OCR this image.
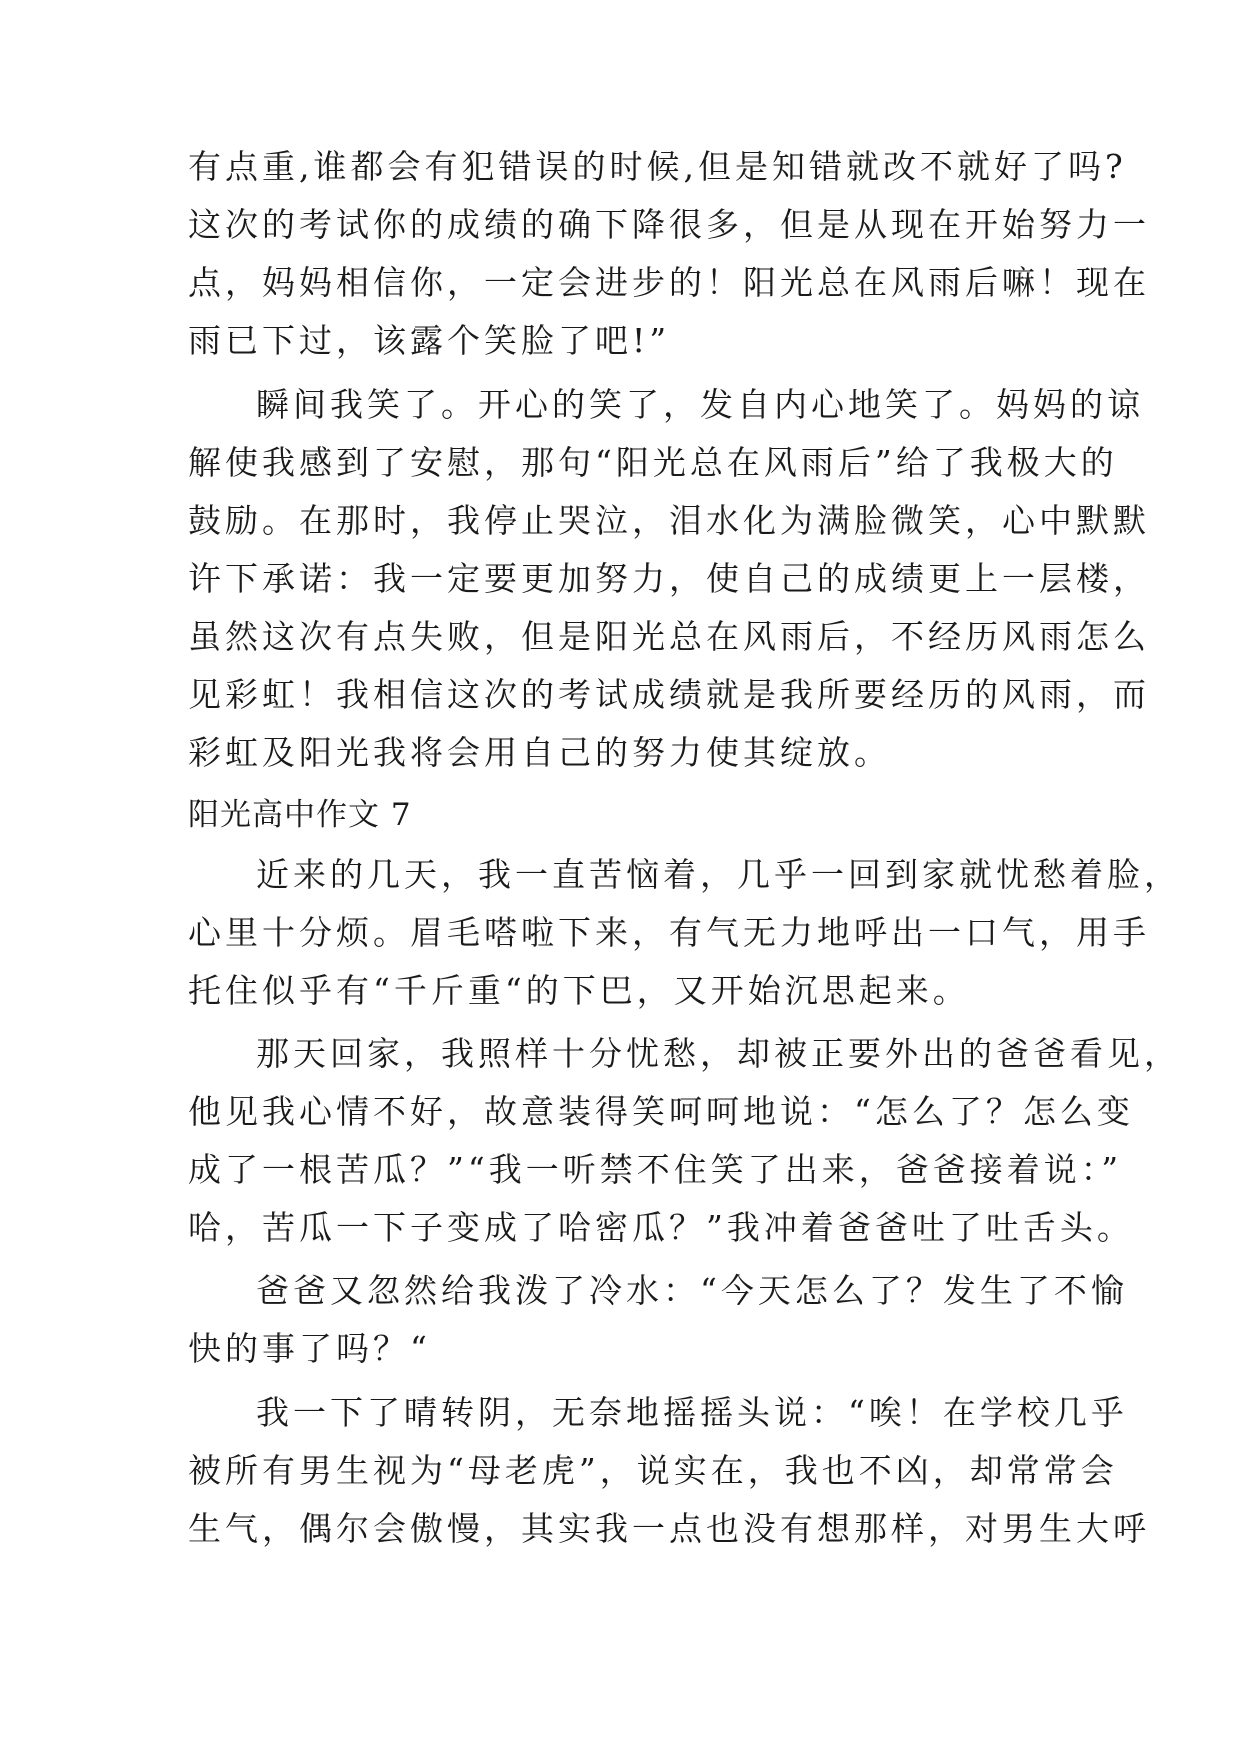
有点重,谁都会有犯错误的时候,但是知错就改不就好了吗?
这次的考试你的成绩的确下降很多，但是从现在开始努力一
点，妈妈相信你，一定会进步的！阳光总在风雨后嘛！现在
雨已下过，该露个笑脸了吧!”
瞬间我笑了。开心的笑了，发自内心地笑了。妈妈的谅
解使我感到了安慰，那句“阳光总在风雨后”给了我极大的
鼓励。在那时，我停止哭泣，泪水化为满脸微笑，心中默默
许下承诺：我一定要更加努力，使自己的成绩更上一层楼，
虽然这次有点失败，但是阳光总在风雨后，不经历风雨怎么
见彩虹！我相信这次的考试成绩就是我所要经历的风雨，而
彩虹及阳光我将会用自己的努力使其绽放。
阳光高中作文 7
近来的几天，我一直苦恼着，几乎一回到家就忧愁着脸，
心里十分烦。眉毛嗒啦下来，有气无力地呼出一口气，用手
托住似乎有“千斤重“的下巴，又开始沉思起来。
那天回家，我照样十分忧愁，却被正要外出的爸爸看见，
他见我心情不好，故意装得笑呵呵地说：“怎么了？怎么变
成了一根苦瓜？”“我一听禁不住笑了出来，爸爸接着说：”
哈，苦瓜一下子变成了哈密瓜？”我冲着爸爸吐了吐舌头。
爸爸又忽然给我泼了冷水：“今天怎么了？发生了不愉
快的事了吗？“
我一下了晴转阴，无奈地摇摇头说：“唉！在学校几乎
被所有男生视为“母老虎”，说实在，我也不凶，却常常会
生气，偶尔会傲慢，其实我一点也没有想那样，对男生大呼
